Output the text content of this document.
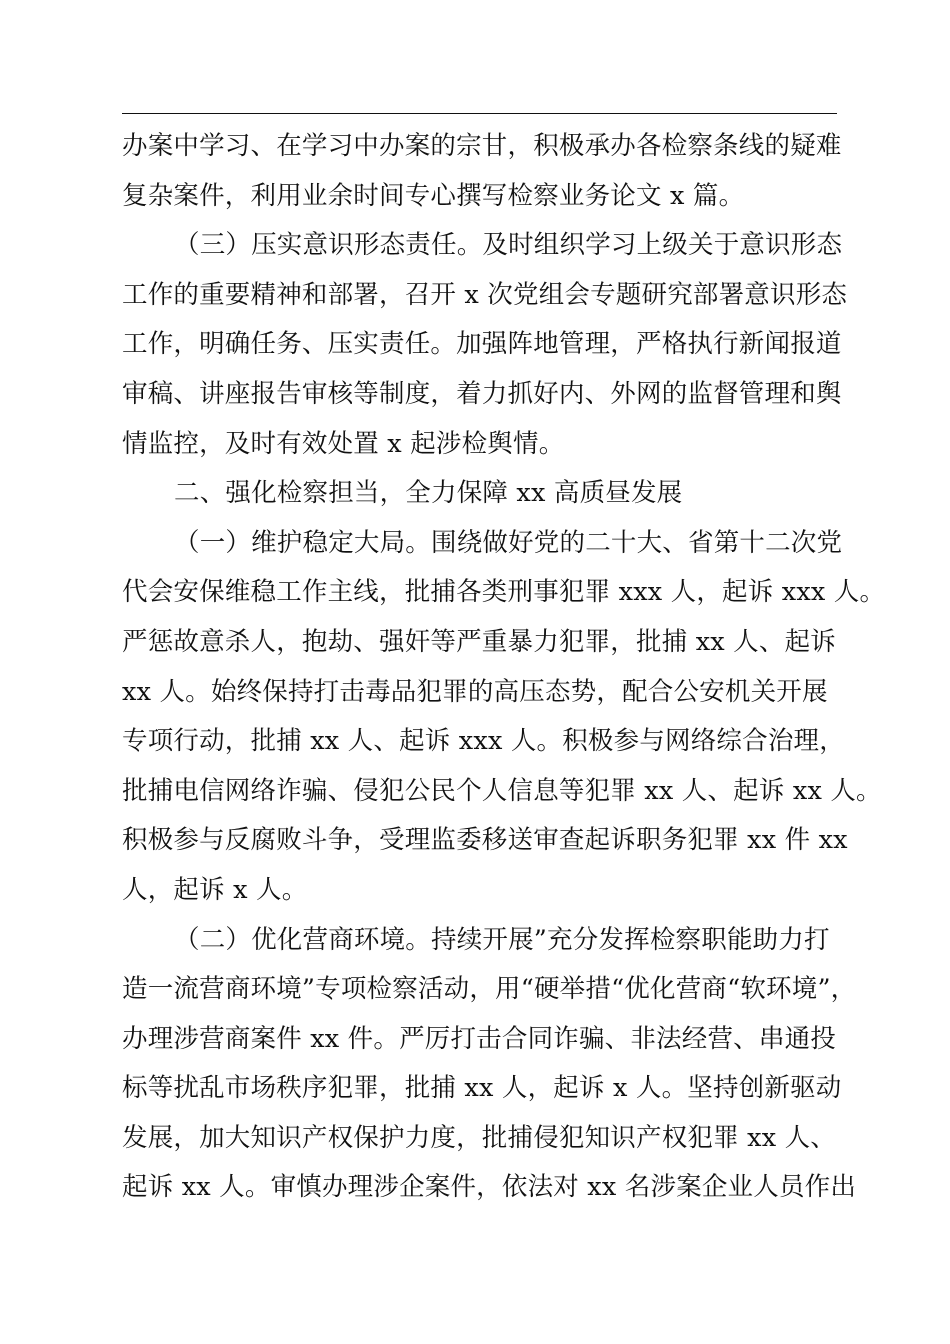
办案中学习、在学习中办案的宗甘，积极承办各检察条线的疑难
复杂案件，利用业余时间专心撰写检察业务论文 x 篇。
（三）压实意识形态责任。及时组织学习上级关于意识形态
工作的重要精神和部署，召开 x 次党组会专题研究部署意识形态
工作，明确任务、压实责任。加强阵地管理，严格执行新闻报道
审稿、讲座报告审核等制度，着力抓好内、外网的监督管理和舆
情监控，及时有效处置 x 起涉检舆情。
二、强化检察担当，全力保障 xx 高质昼发展
（一）维护稳定大局。围绕做好党的二十大、省第十二次党
代会安保维稳工作主线，批捕各类刑事犯罪 xxx 人，起诉 xxx 人。
严惩故意杀人，抱劫、强奸等严重暴力犯罪，批捕 xx 人、起诉
xx 人。始终保持打击毒品犯罪的高压态势，配合公安机关开展
专项行动，批捕 xx 人、起诉 xxx 人。积极参与网络综合治理，
批捕电信网络诈骗、侵犯公民个人信息等犯罪 xx 人、起诉 xx 人。
积极参与反腐败斗争，受理监委移送审查起诉职务犯罪 xx 件 xx
人，起诉 x 人。
（二）优化营商环境。持续开展”充分发挥检察职能助力打
造一流营商环境”专项检察活动，用“硬举措“优化营商“软环境”，
办理涉营商案件 xx 件。严厉打击合同诈骗、非法经营、串通投
标等扰乱市场秩序犯罪，批捕 xx 人，起诉 x 人。坚持创新驱动
发展，加大知识产权保护力度，批捕侵犯知识产权犯罪 xx 人、
起诉 xx 人。审慎办理涉企案件，依法对 xx 名涉案企业人员作出
